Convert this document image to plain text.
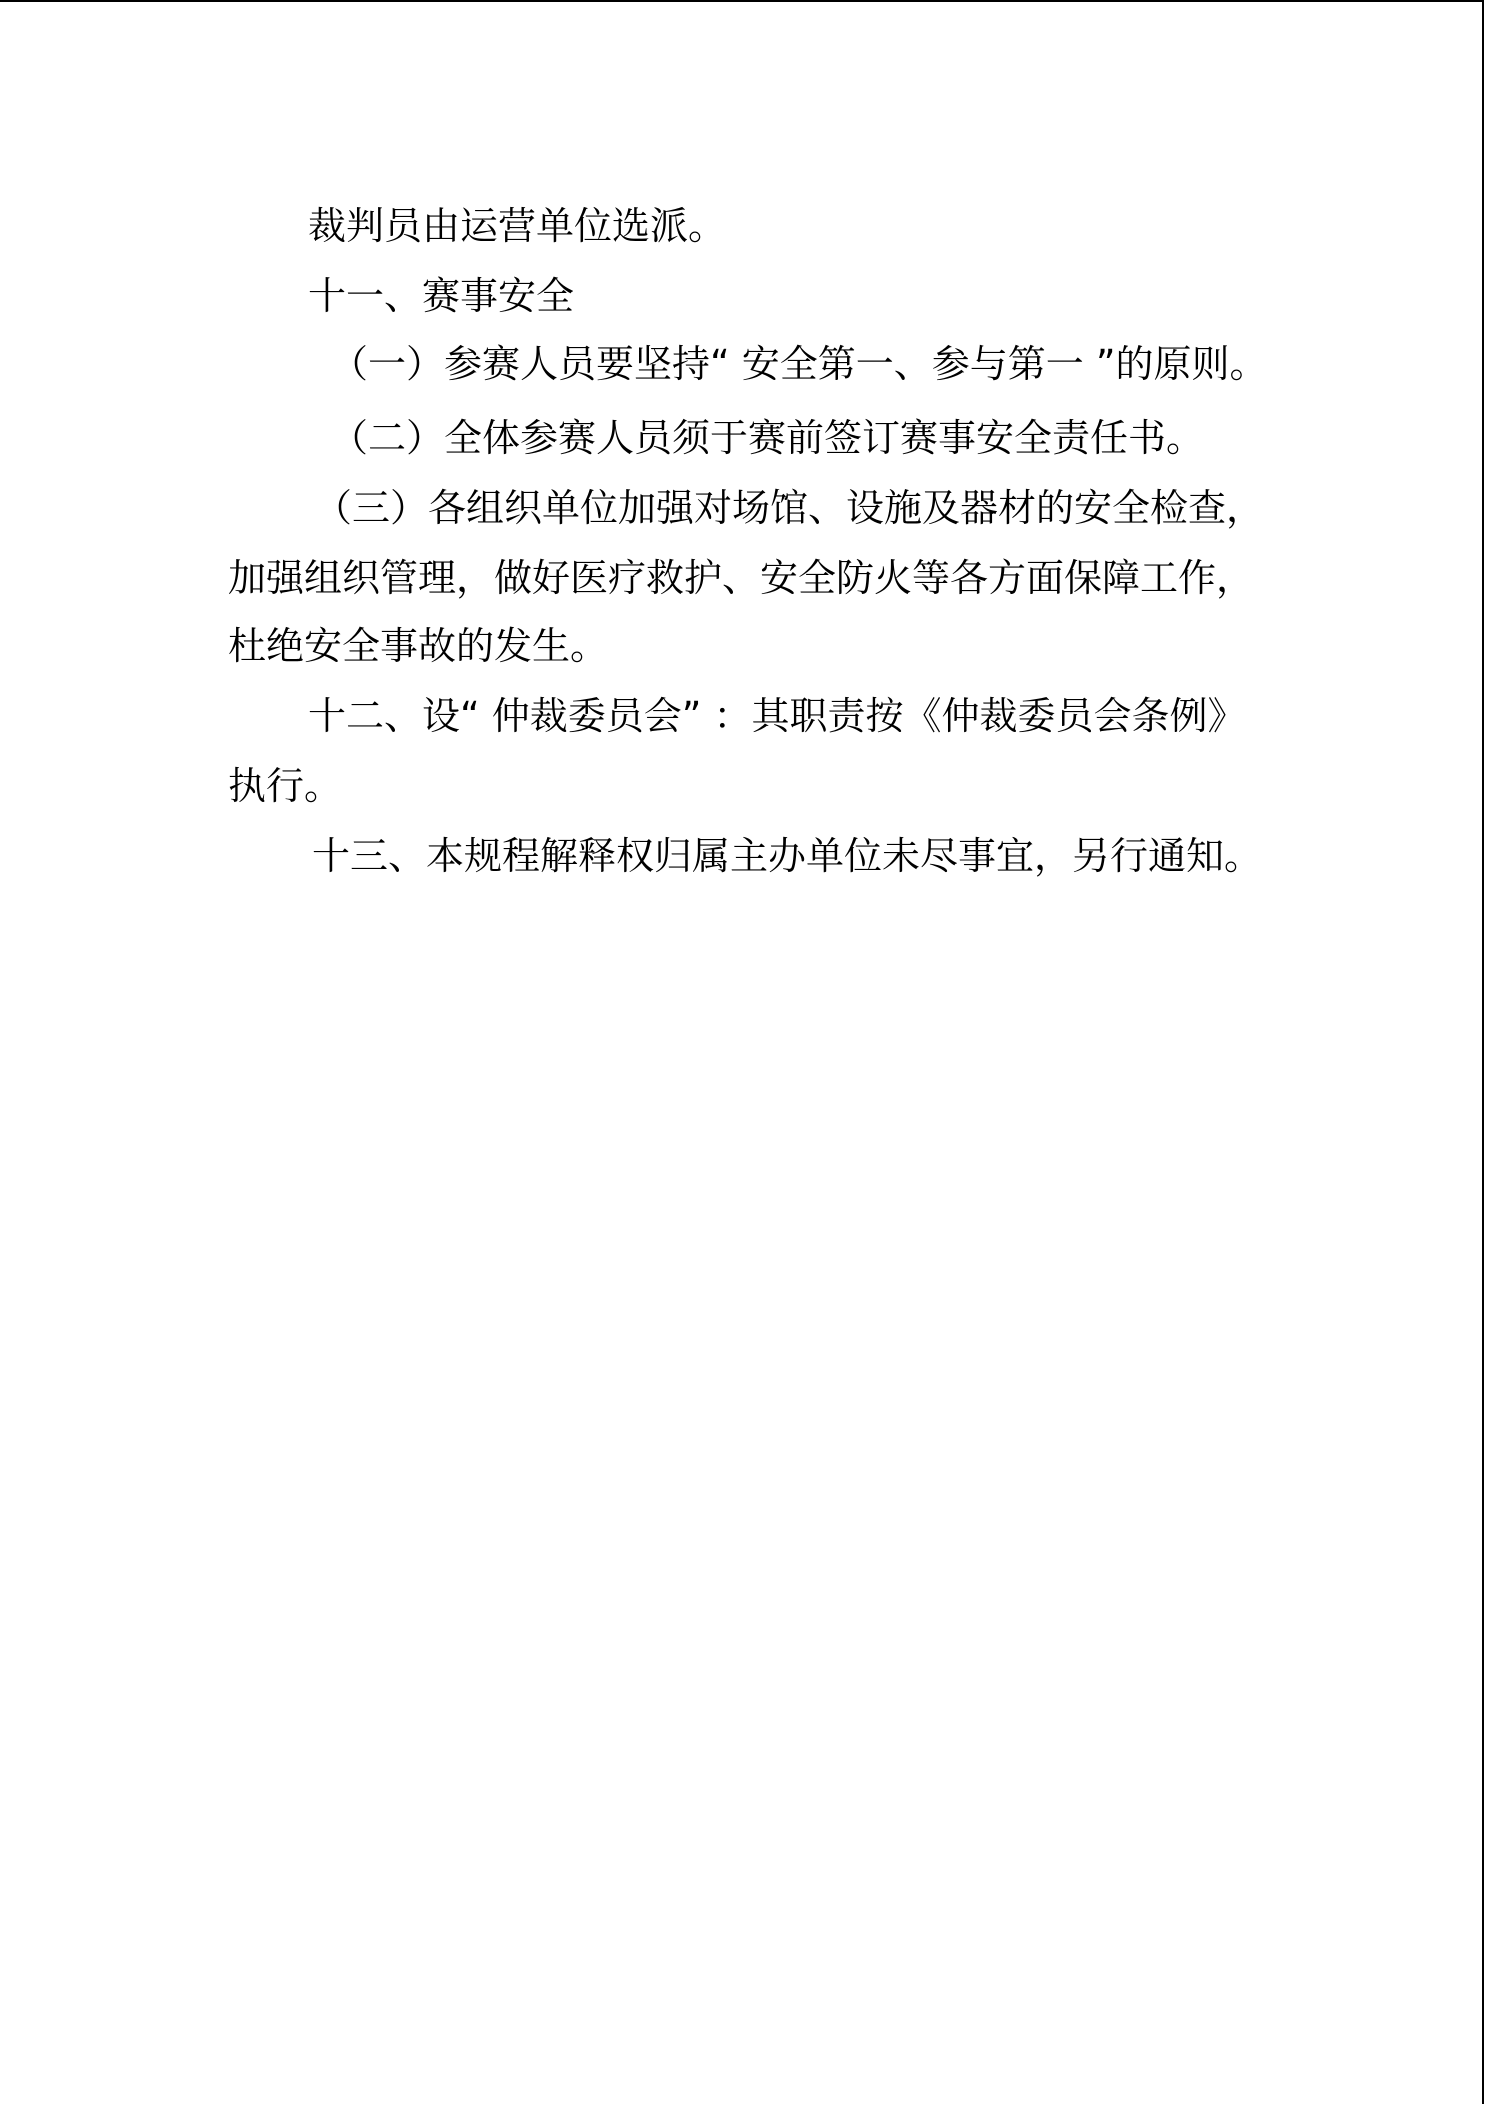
裁判员由运营单位选派。
十一、赛事安全
（一）参赛人员要坚持“ 安全第一、参与第一 ”的原则。
（二）全体参赛人员须于赛前签订赛事安全责任书。
（三）各组织单位加强对场馆、设施及器材的安全检查，
加强组织管理，做好医疗救护、安全防火等各方面保障工作，
杜绝安全事故的发生。
十二、设“ 仲裁委员会” ：其职责按《仲裁委员会条例》
执行。
十三、本规程解释权归属主办单位未尽事宜，另行通知。
